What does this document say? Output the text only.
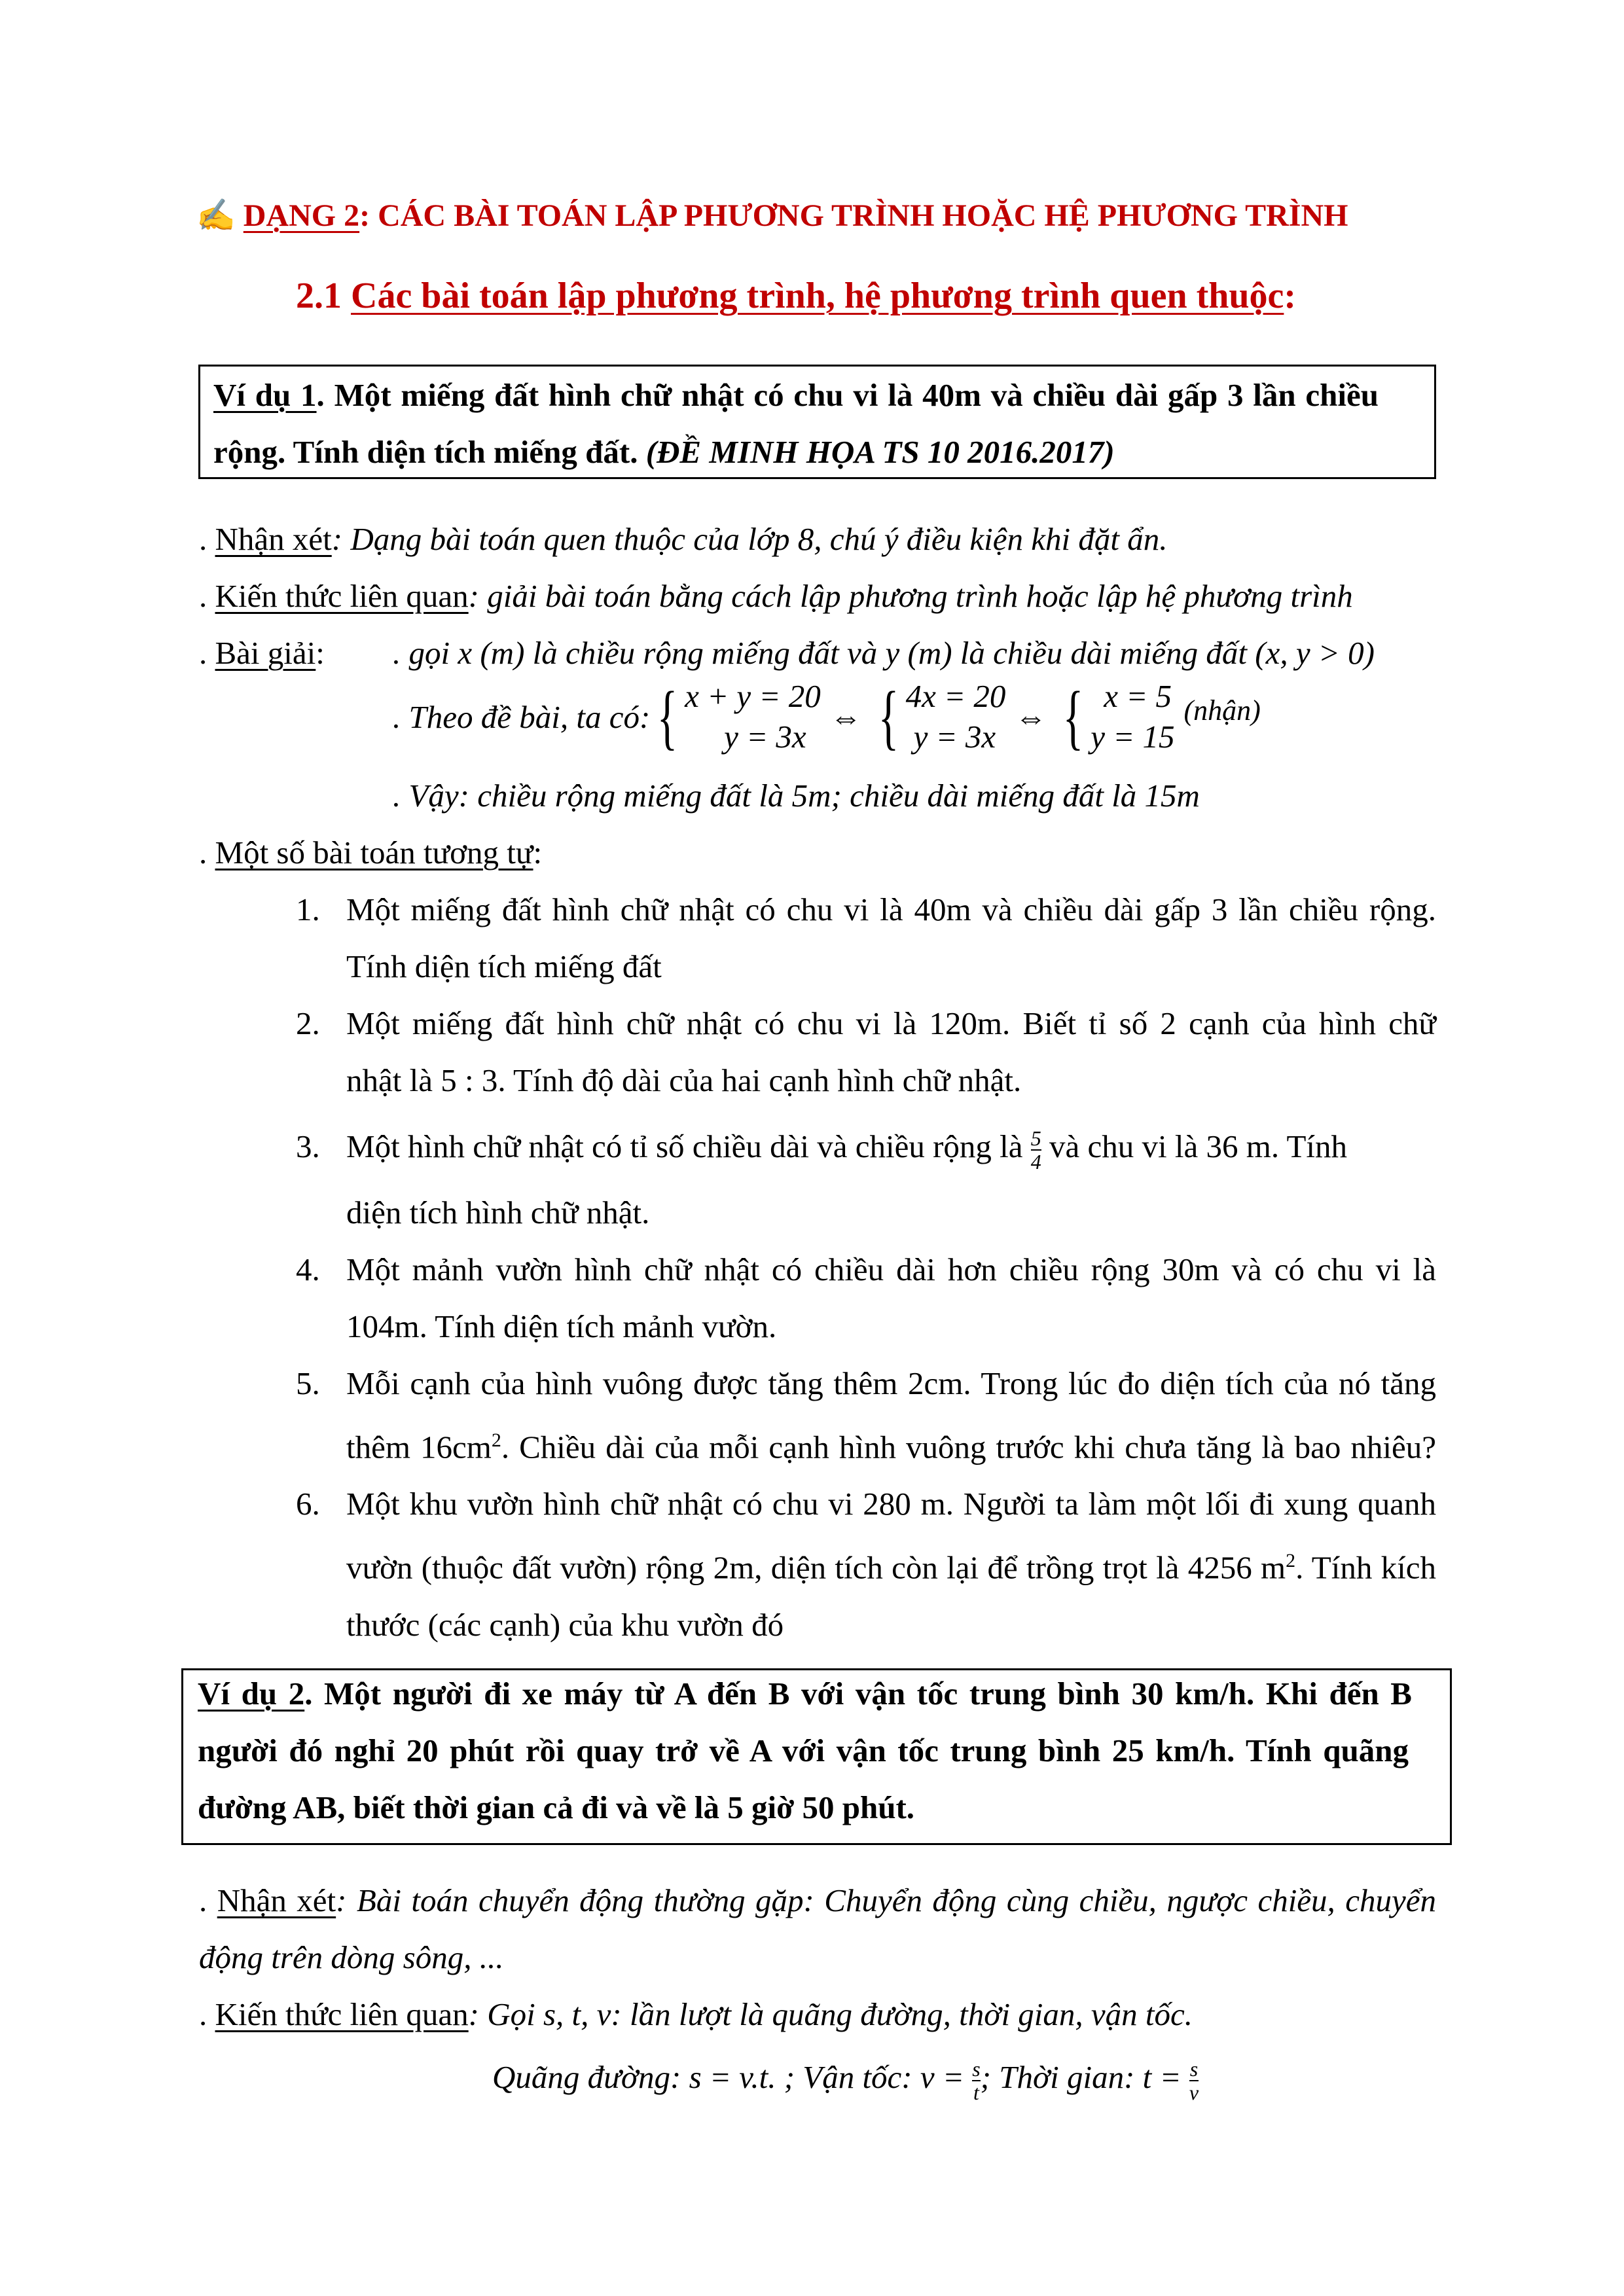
✍ DẠNG 2: CÁC BÀI TOÁN LẬP PHƯƠNG TRÌNH HOẶC HỆ PHƯƠNG TRÌNH
2.1 Các bài toán lập phương trình, hệ phương trình quen thuộc:
Ví dụ 1. Một miếng đất hình chữ nhật có chu vi là 40m và chiều dài gấp 3 lần chiều
rộng. Tính diện tích miếng đất. (ĐỀ MINH HỌA TS 10 2016.2017)
. Nhận xét: Dạng bài toán quen thuộc của lớp 8, chú ý điều kiện khi đặt ẩn.
. Kiến thức liên quan: giải bài toán bằng cách lập phương trình hoặc lập hệ phương trình
. Bài giải: . gọi x (m) là chiều rộng miếng đất và y (m) là chiều dài miếng đất (x, y > 0)
. Theo đề bài, ta có: { x + y = 20
y = 3x
⇔ { 4x = 20
y = 3x
⇔ { x = 5
y = 15
(nhận)
. Vậy: chiều rộng miếng đất là 5m; chiều dài miếng đất là 15m
. Một số bài toán tương tự:
1. Một miếng đất hình chữ nhật có chu vi là 40m và chiều dài gấp 3 lần chiều rộng.
Tính diện tích miếng đất
2. Một miếng đất hình chữ nhật có chu vi là 120m. Biết tỉ số 2 cạnh của hình chữ
nhật là 5 : 3. Tính độ dài của hai cạnh hình chữ nhật.
3. Một hình chữ nhật có tỉ số chiều dài và chiều rộng là $\frac{5}{4}$ và chu vi là 36 m. Tính
diện tích hình chữ nhật.
4. Một mảnh vườn hình chữ nhật có chiều dài hơn chiều rộng 30m và có chu vi là
104m. Tính diện tích mảnh vườn.
5. Mỗi cạnh của hình vuông được tăng thêm 2cm. Trong lúc đo diện tích của nó tăng
thêm $16cm^2$. Chiều dài của mỗi cạnh hình vuông trước khi chưa tăng là bao nhiêu?
6. Một khu vườn hình chữ nhật có chu vi 280 m. Người ta làm một lối đi xung quanh
vườn (thuộc đất vườn) rộng 2m, diện tích còn lại để trồng trọt là 4256 $m^2$. Tính kích
thước (các cạnh) của khu vườn đó
Ví dụ 2. Một người đi xe máy từ A đến B với vận tốc trung bình 30 km/h. Khi đến B
người đó nghỉ 20 phút rồi quay trở về A với vận tốc trung bình 25 km/h. Tính quãng
đường AB, biết thời gian cả đi và về là 5 giờ 50 phút.
. Nhận xét: Bài toán chuyển động thường gặp: Chuyển động cùng chiều, ngược chiều, chuyển
động trên dòng sông, ...
. Kiến thức liên quan: Gọi s, t, v: lần lượt là quãng đường, thời gian, vận tốc.
Quãng đường: s = v.t. ; Vận tốc: $v = \frac{s}{t}$ ; Thời gian: $t = \frac{s}{v}$
